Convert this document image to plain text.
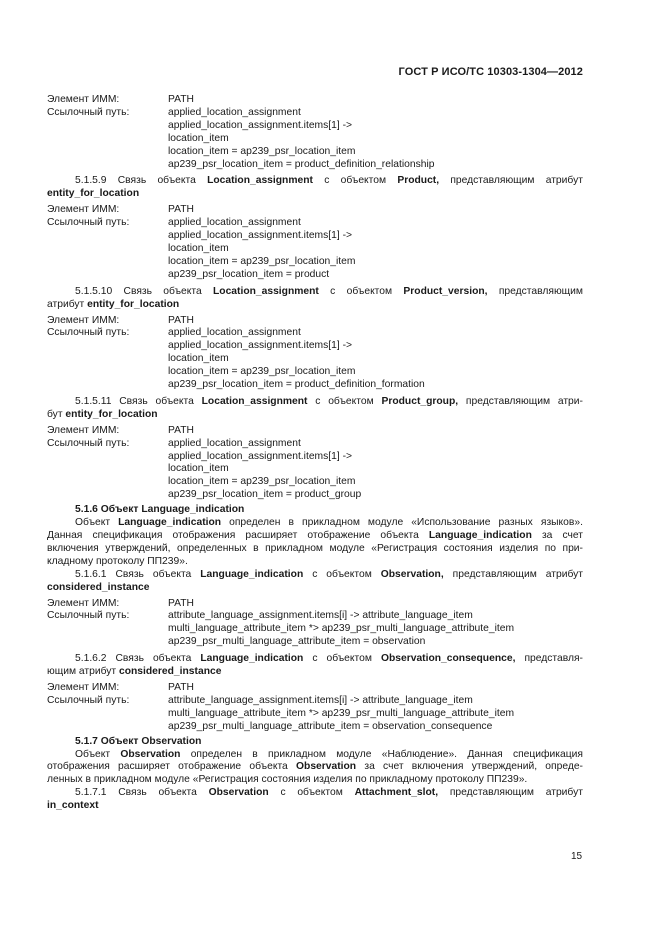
ГОСТ Р ИСО/ТС 10303-1304—2012
Элемент ИММ:	PATH
Ссылочный путь:	applied_location_assignment
applied_location_assignment.items[1] ->
location_item
location_item = ap239_psr_location_item
ap239_psr_location_item = product_definition_relationship

5.1.5.9 Связь объекта Location_assignment с объектом Product, представляющим атрибут

entity_for_location

Элемент ИММ:	PATH
Ссылочный путь:	applied_location_assignment
applied_location_assignment.items[1] ->
location_item
location_item = ap239_psr_location_item
ap239_psr_location_item = product

5.1.5.10 Связь объекта Location_assignment с объектом Product_version, представляющим

атрибут entity_for_location

Элемент ИММ:	PATH
Ссылочный путь:	applied_location_assignment
applied_location_assignment.items[1] ->
location_item
location_item = ap239_psr_location_item
ap239_psr_location_item = product_definition_formation

5.1.5.11 Связь объекта Location_assignment с объектом Product_group, представляющим атри-

бут entity_for_location

Элемент ИММ:	PATH
Ссылочный путь:	applied_location_assignment
applied_location_assignment.items[1] ->
location_item
location_item = ap239_psr_location_item
ap239_psr_location_item = product_group

5.1.6 Объект Language_indication

Объект Language_indication определен в прикладном модуле «Использование разных языков».

Данная спецификация отображения расширяет отображение объекта Language_indication за счет

включения утверждений, определенных в прикладном модуле «Регистрация состояния изделия по при-

кладному протоколу ПП239».

5.1.6.1 Связь объекта Language_indication с объектом Observation, представляющим атрибут

considered_instance

Элемент ИММ:	PATH
Ссылочный путь:	attribute_language_assignment.items[i] -> attribute_language_item
multi_language_attribute_item *> ap239_psr_multi_language_attribute_item
ap239_psr_multi_language_attribute_item = observation

5.1.6.2 Связь объекта Language_indication с объектом Observation_consequence, представля-

ющим атрибут considered_instance

Элемент ИММ:	PATH
Ссылочный путь:	attribute_language_assignment.items[i] -> attribute_language_item
multi_language_attribute_item *> ap239_psr_multi_language_attribute_item
ap239_psr_multi_language_attribute_item = observation_consequence

5.1.7 Объект Observation

Объект Observation определен в прикладном модуле «Наблюдение». Данная спецификация

отображения расширяет отображение объекта Observation за счет включения утверждений, опреде-

ленных в прикладном модуле «Регистрация состояния изделия по прикладному протоколу ПП239».

5.1.7.1 Связь объекта Observation с объектом Attachment_slot, представляющим атрибут

in_context

15
